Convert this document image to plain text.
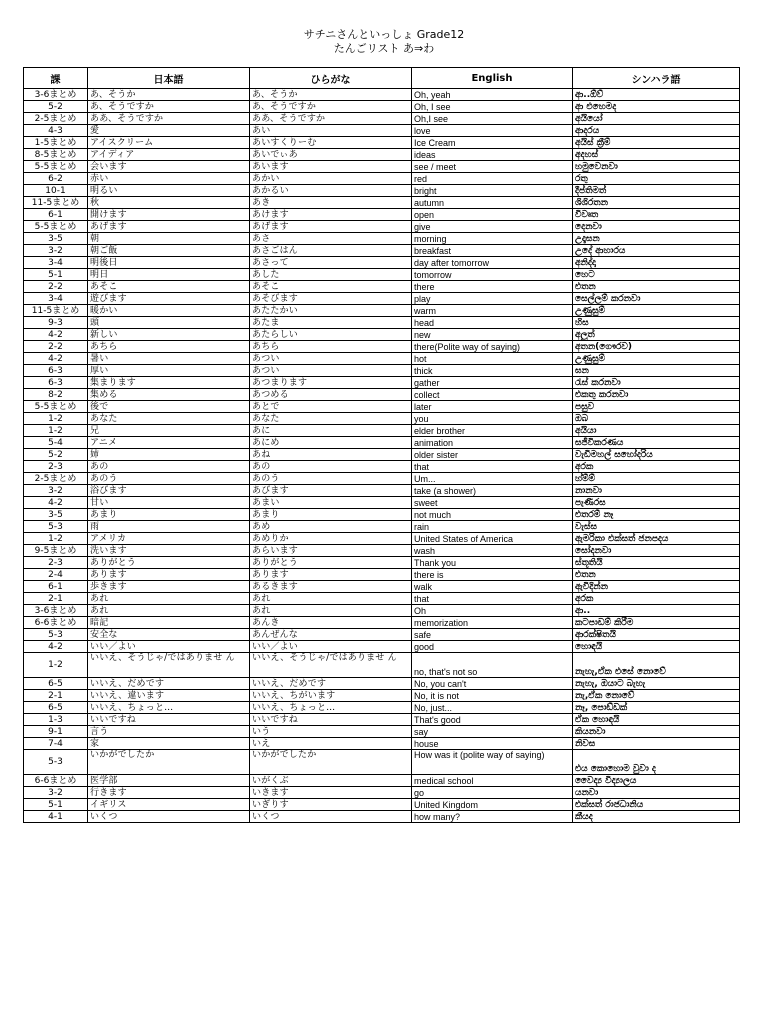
サチニさんといっしょ Grade12
たんごリスト あ⇒わ
課	日本語	ひらがな	English	シンハラ語
3-6まとめ	あ、そうか	あ、そうか	Oh, yeah	ආ..ඕව්
5-2	あ、そうですか	あ、そうですか	Oh, I see	ආ එහෙමද
2-5まとめ	ああ、そうですか	ああ、そうですか	Oh,I see	අයියෝ
4-3	愛	あい	love	ආදරය
1-5まとめ	アイスクリーム	あいすくりーむ	Ice Cream	අයිස් ක්‍රීම්
8-5まとめ	アイディア	あいでぃあ	ideas	අදහස්
5-5まとめ	会います	あいます	see / meet	හමුවෙනවා
6-2	赤い	あかい	red	රතු
10-1	明るい	あかるい	bright	දීප්තිමත්
11-5まとめ	秋	あき	autumn	ශිශිරතන
6-1	開けます	あけます	open	විවෘත
5-5まとめ	あげます	あげます	give	දෙනවා
3-5	朝	あさ	morning	උදෑසන
3-2	朝ご飯	あさごはん	breakfast	උදේ ආහාරය
3-4	明後日	あさって	day after tomorrow	අනිද්දා
5-1	明日	あした	tomorrow	හෙට
2-2	あそこ	あそこ	there	එතන
3-4	遊びます	あそびます	play	සෙල්ලම් කරනවා
11-5まとめ	暖かい	あたたかい	warm	උණුසුම්
9-3	頭	あたま	head	හිස
4-2	新しい	あたらしい	new	අලුත්
2-2	あちら	あちら	there(Polite way of saying)	අතන(ගෞරව)
4-2	暑い	あつい	hot	උණුසුම්
6-3	厚い	あつい	thick	ඝන
6-3	集まります	あつまります	gather	රැස් කරනවා
8-2	集める	あつめる	collect	එකතු කරනවා
5-5まとめ	後で	あとで	later	පසුව
1-2	あなた	あなた	you	ඔබ
1-2	兄	あに	elder brother	අයියා
5-4	アニメ	あにめ	animation	සජීවිකරණය
5-2	姉	あね	older sister	වැඩිමහල් සහෝදරිය
2-3	あの	あの	that	අරක
2-5まとめ	あのう	あのう	Um...	හ්ම්ම්
3-2	浴びます	あびます	take (a shower)	නානවා
4-2	甘い	あまい	sweet	පැණිරස
3-5	あまり	あまり	not much	එතරම් නෑ
5-3	雨	あめ	rain	වැස්ස
1-2	アメリカ	あめりか	United States of America	ඇමරිකා එක්සත් ජනපදය
9-5まとめ	洗います	あらいます	wash	සෝදනවා
2-3	ありがとう	ありがとう	Thank you	ස්තූතියි
2-4	あります	あります	there is	එතන
6-1	歩きます	あるきます	walk	ඇවිදින්න
2-1	あれ	あれ	that	අරක
3-6まとめ	あれ	あれ	Oh	ආ..
6-6まとめ	暗記	あんき	memorization	කටපාඩම් කිරීම
5-3	安全な	あんぜんな	safe	ආරක්ෂිතයි
4-2	いい／よい	いい／よい	good	හොඳයි
1-2	いいえ、そうじゃ/ではありませ ん	いいえ、そうじゃ/ではありませ ん	no, that's not so	නැහැ,ඒක එසේ නොවේ
6-5	いいえ、だめです	いいえ、だめです	No, you can't	නැහැ, ඔයාට බැහැ
2-1	いいえ、違います	いいえ、ちがいます	No, it is not	නැ,ඒක නොවේ
6-5	いいえ、ちょっと…	いいえ、ちょっと…	No, just...	නෑ, පොඩ්ඩක්
1-3	いいですね	いいですね	That's good	ඒක හොඳයි
9-1	言う	いう	say	කියනවා
7-4	家	いえ	house	නිවස
5-3	いかがでしたか	いかがでしたか	How was it (polite way of saying)	එය කොහොම වුවා ද
6-6まとめ	医学部	いがくぶ	medical school	වෛද්‍ය විද්‍යාලය
3-2	行きます	いきます	go	යනවා
5-1	イギリス	いぎりす	United Kingdom	එක්සත් රාජධානිය
4-1	いくつ	いくつ	how many?	කීයද
